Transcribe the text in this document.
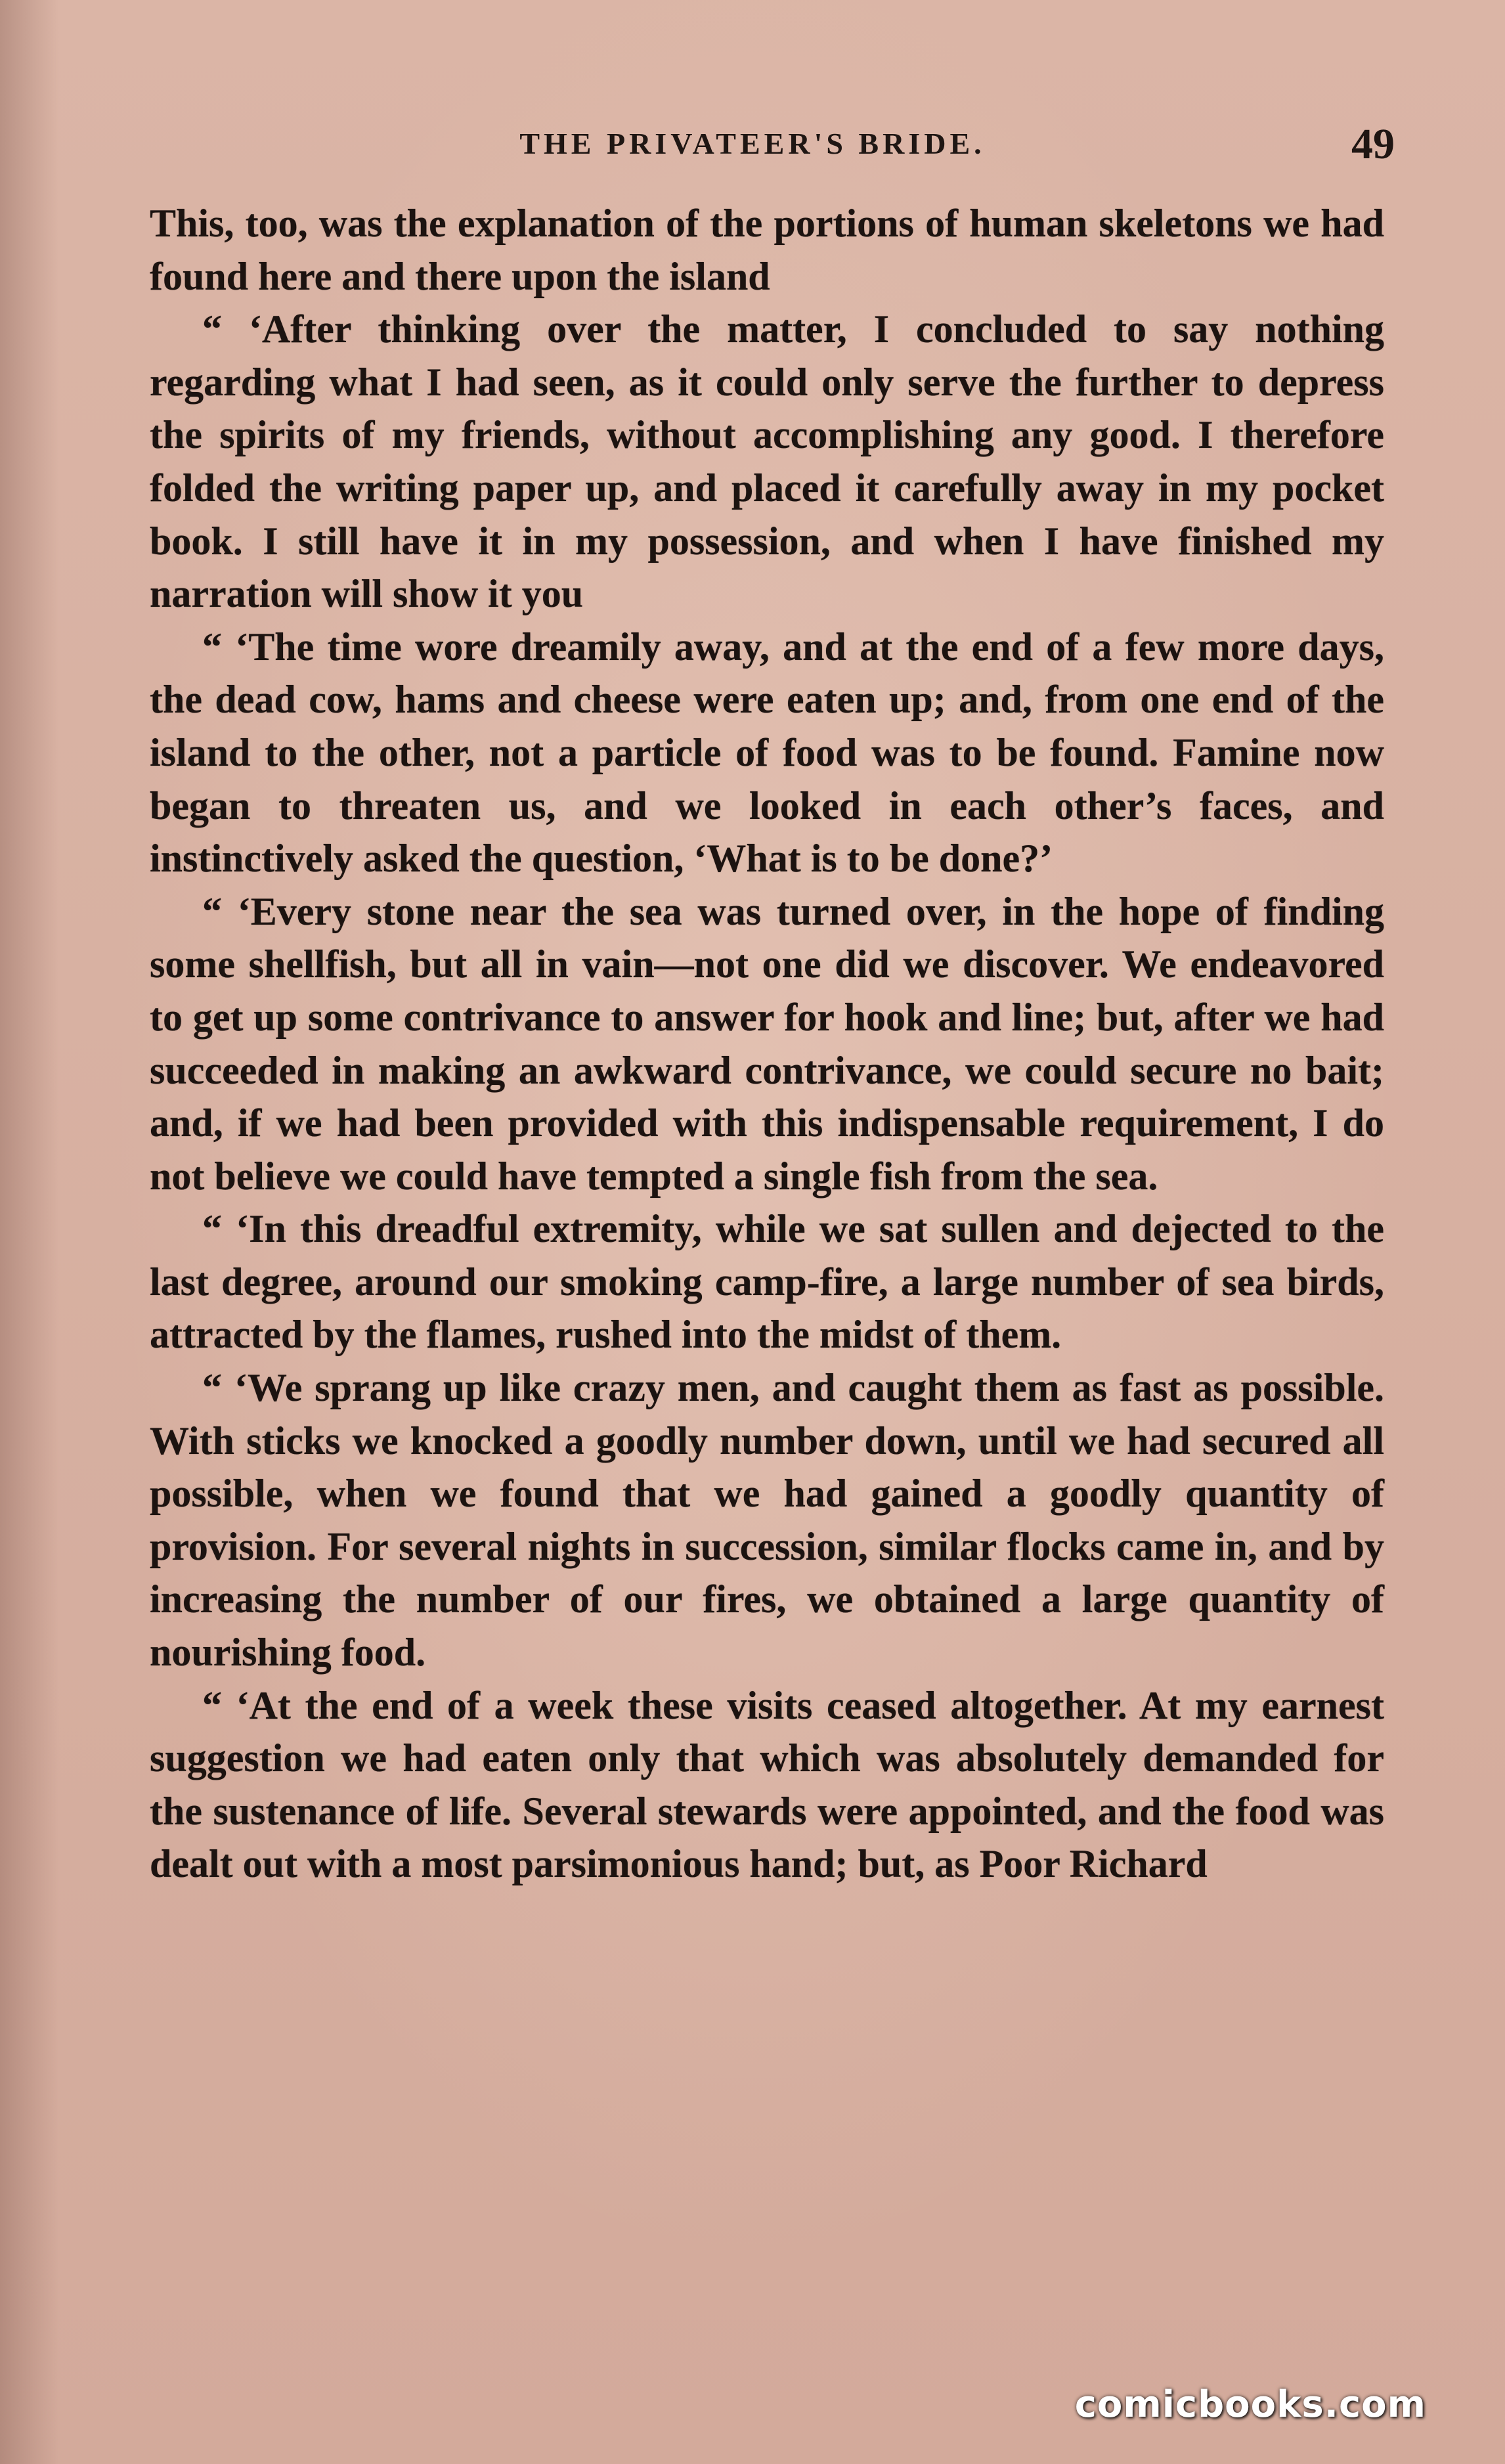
THE PRIVATEER'S BRIDE.	49

This, too, was the explanation of the portions of human skeletons we had found here and there upon the island

“ ‘After thinking over the matter, I concluded to say nothing regarding what I had seen, as it could only serve the further to depress the spirits of my friends, without accomplishing any good. I therefore folded the writing paper up, and placed it carefully away in my pocket book. I still have it in my possession, and when I have finished my narration will show it you

“ ‘The time wore dreamily away, and at the end of a few more days, the dead cow, hams and cheese were eaten up; and, from one end of the island to the other, not a particle of food was to be found. Famine now began to threaten us, and we looked in each other’s faces, and instinctively asked the question, ‘What is to be done?’

“ ‘Every stone near the sea was turned over, in the hope of finding some shellfish, but all in vain—not one did we discover. We endeavored to get up some contrivance to answer for hook and line; but, after we had succeeded in making an awkward contrivance, we could secure no bait; and, if we had been provided with this indispensable requirement, I do not believe we could have tempted a single fish from the sea.

“ ‘In this dreadful extremity, while we sat sullen and dejected to the last degree, around our smoking camp-fire, a large number of sea birds, attracted by the flames, rushed into the midst of them.

“ ‘We sprang up like crazy men, and caught them as fast as possible. With sticks we knocked a goodly number down, until we had secured all possible, when we found that we had gained a goodly quantity of provision. For several nights in succession, similar flocks came in, and by increasing the number of our fires, we obtained a large quantity of nourishing food.

“ ‘At the end of a week these visits ceased altogether. At my earnest suggestion we had eaten only that which was absolutely demanded for the sustenance of life. Several stewards were appointed, and the food was dealt out with a most parsimonious hand; but, as Poor Richard

comicbooks.com
